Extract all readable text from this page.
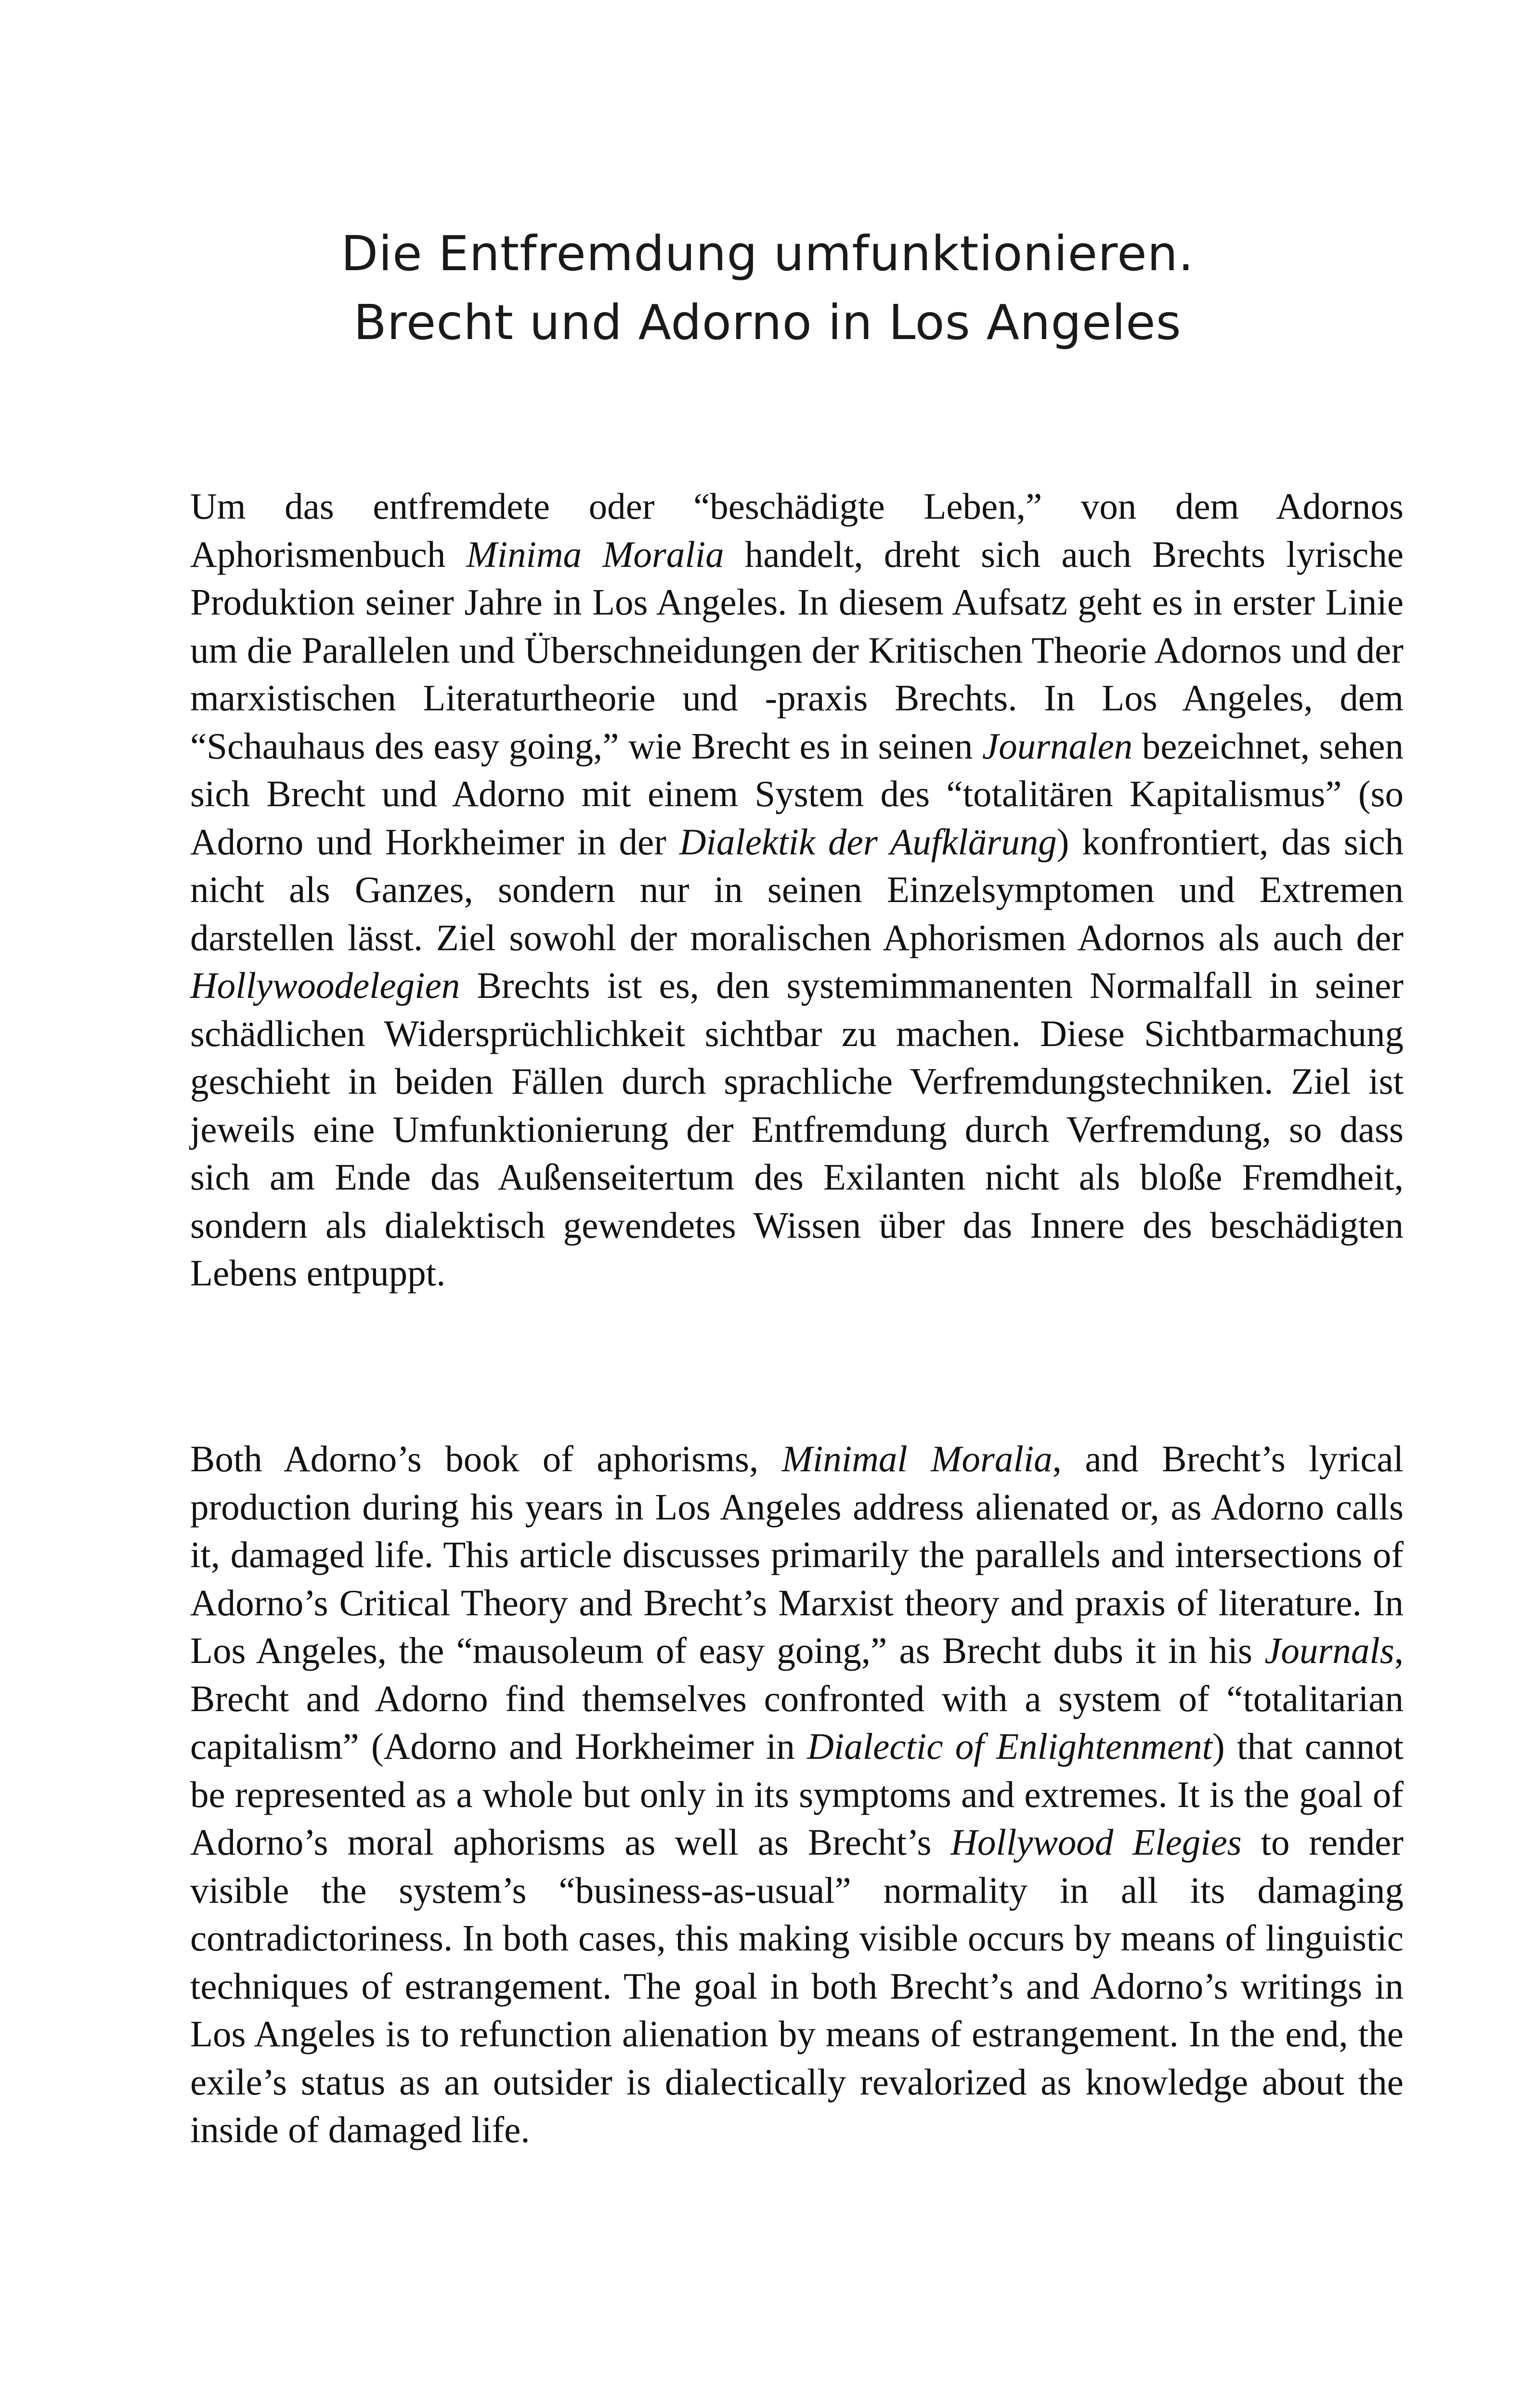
Die Entfremdung umfunktionieren.
Brecht und Adorno in Los Angeles

Um das entfremdete oder “beschädigte Leben,” von dem Adornos Aphorismenbuch Minima Moralia handelt, dreht sich auch Brechts lyrische Produktion seiner Jahre in Los Angeles. In diesem Aufsatz geht es in erster Linie um die Parallelen und Überschneidungen der Kritischen Theorie Adornos und der marxistischen Literaturtheorie und -praxis Brechts. In Los Angeles, dem “Schauhaus des easy going,” wie Brecht es in seinen Journalen bezeichnet, sehen sich Brecht und Adorno mit einem System des “totalitären Kapitalismus” (so Adorno und Horkheimer in der Dialektik der Aufklärung) konfrontiert, das sich nicht als Ganzes, sondern nur in seinen Einzelsymptomen und Extremen darstellen lässt. Ziel sowohl der moralischen Aphorismen Adornos als auch der Hollywoodelegien Brechts ist es, den systemimmanenten Normalfall in seiner schädlichen Widersprüchlichkeit sichtbar zu machen. Diese Sichtbarmachung geschieht in beiden Fällen durch sprachliche Verfremdungstechniken. Ziel ist jeweils eine Umfunktionierung der Entfremdung durch Verfremdung, so dass sich am Ende das Außenseitertum des Exilanten nicht als bloße Fremdheit, sondern als dialektisch gewendetes Wissen über das Innere des beschädigten Lebens entpuppt.

Both Adorno’s book of aphorisms, Minimal Moralia, and Brecht’s lyrical production during his years in Los Angeles address alienated or, as Adorno calls it, damaged life. This article discusses primarily the parallels and intersections of Adorno’s Critical Theory and Brecht’s Marxist theory and praxis of literature. In Los Angeles, the “mausoleum of easy going,” as Brecht dubs it in his Journals, Brecht and Adorno find themselves confronted with a system of “totalitarian capitalism” (Adorno and Horkheimer in Dialectic of Enlightenment) that cannot be represented as a whole but only in its symptoms and extremes. It is the goal of Adorno’s moral aphorisms as well as Brecht’s Hollywood Elegies to render visible the system’s “business-as-usual” normality in all its damaging contradictoriness. In both cases, this making visible occurs by means of linguistic techniques of estrangement. The goal in both Brecht’s and Adorno’s writings in Los Angeles is to refunction alienation by means of estrangement. In the end, the exile’s status as an outsider is dialectically revalorized as knowledge about the inside of damaged life.
